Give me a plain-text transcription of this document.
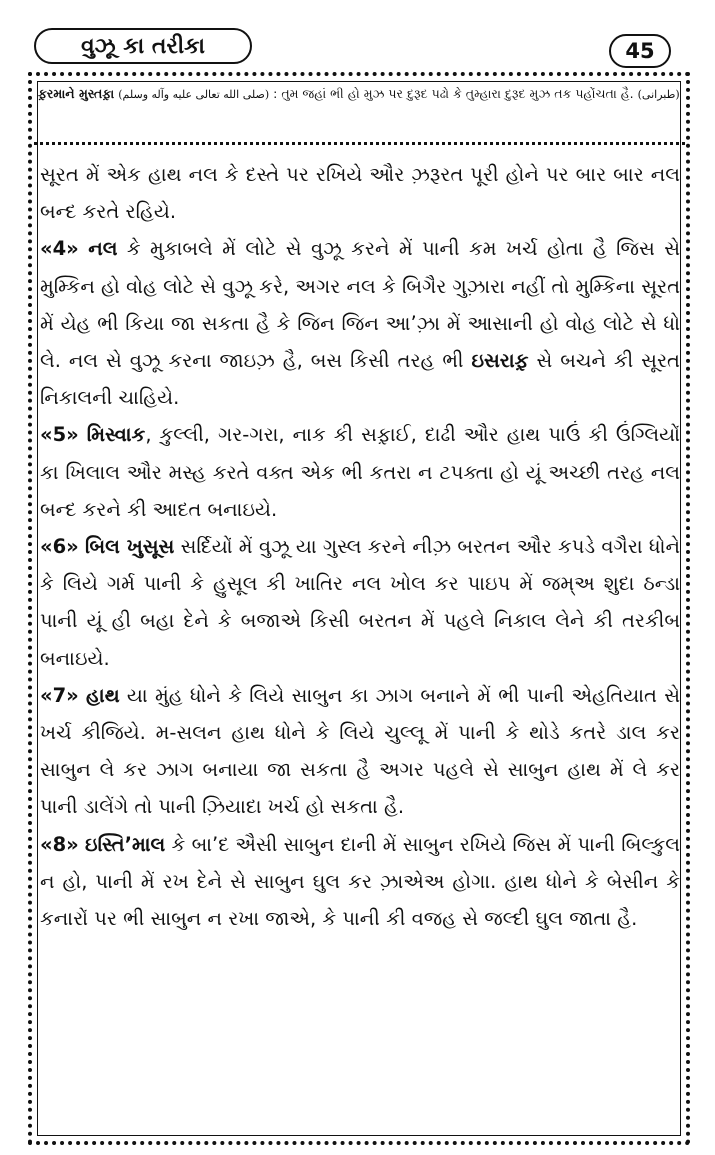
વુઝૂ કા તરીકા	45
ફ઼રમાને મુસ્તફ઼ા (صلى الله تعالی علیه وآله وسلم) : તુમ જહાં ભી હો મુઝ પર દુરૂદ પઢો કે તુમ્હારા દુરૂદ મુઝ તક પહોંચતા હૈ. (طبرانی)

સૂરત મેં એક હાથ નલ કે દસ્તે પર રખિયે ઔર ઝ઼રૂરત પૂરી હોને પર બાર બાર નલ બન્દ કરતે રહિયે.

«4» નલ કે મુકાબલે મેં લોટે સે વુઝૂ કરને મેં પાની કમ ખર્ચ હોતા હૈ જિસ સે મુમ્કિન હો વોહ લોટે સે વુઝૂ કરે, અગર નલ કે બિગૈર ગુઝ઼ારા નહીં તો મુમ્કિના સૂરત મેં યેહ ભી કિયા જા સકતા હૈ કે જિન જિન આ’ઝ઼ા મેં આસાની હો વોહ લોટે સે ધો લે. નલ સે વુઝૂ કરના જાઇઝ઼ હૈ, બસ કિસી તરહ ભી ઇસરાફ઼ સે બચને કી સૂરત નિકાલની ચાહિયે.

«5» મિસ્વાક, કુલ્લી, ગર-ગરા, નાક કી સફ઼ાઈ, દાઢી ઔર હાથ પાઉં કી ઉંગ્લિયોં કા ખિલાલ ઔર મસ્હ કરતે વક્ત એક ભી કતરા ન ટપક્તા હો યૂં અચ્છી તરહ નલ બન્દ કરને કી આદત બનાઇયે.

«6» બિલ ખુસૂસ સર્દિયોં મેં વુઝૂ યા ગુસ્લ કરને નીઝ઼ બરતન ઔર કપડે વગૈરા ધોને કે લિયે ગર્મ પાની કે હુસૂલ કી ખાતિર નલ ખોલ કર પાઇપ મેં જમ્અ શુદા ઠન્ડા પાની યૂં હી બહા દેને કે બજાએ કિસી બરતન મેં પહલે નિકાલ લેને કી તરકીબ બનાઇયે.

«7» હાથ યા મુંહ ધોને કે લિયે સાબુન કા ઝાગ બનાને મેં ભી પાની એહતિયાત સે ખર્ચ કીજિયે. મ-સલન હાથ ધોને કે લિયે ચુલ્લૂ મેં પાની કે થોડે કતરે ડાલ કર સાબુન લે કર ઝાગ બનાયા જા સકતા હૈ અગર પહલે સે સાબુન હાથ મેં લે કર પાની ડાલેંગે તો પાની ઝ઼િયાદા ખર્ચ હો સકતા હૈ.

«8» ઇસ્તિ’માલ કે બા’દ ઐસી સાબુન દાની મેં સાબુન રખિયે જિસ મેં પાની બિલ્કુલ ન હો, પાની મેં રખ દેને સે સાબુન ઘુલ કર ઝ઼ાએઅ હોગા. હાથ ધોને કે બેસીન કે કનારોં પર ભી સાબુન ન રખા જાએ, કે પાની કી વજહ સે જલ્દી ઘુલ જાતા હૈ.
